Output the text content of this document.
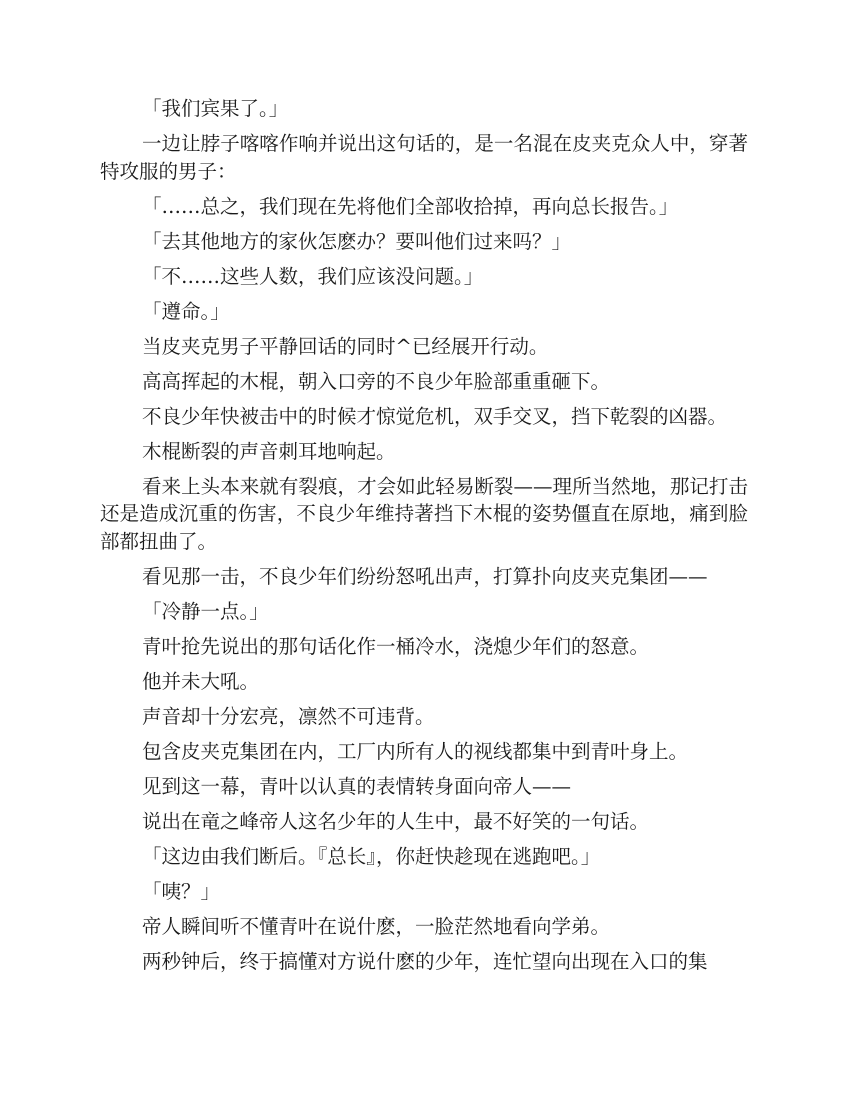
「我们宾果了。」

一边让脖子喀喀作响并说出这句话的，是一名混在皮夹克众人中，穿著特攻服的男子：

「……总之，我们现在先将他们全部收拾掉，再向总长报告。」

「去其他地方的家伙怎麽办？要叫他们过来吗？」

「不……这些人数，我们应该没问题。」

「遵命。」

当皮夹克男子平静回话的同时^已经展开行动。

高高挥起的木棍，朝入口旁的不良少年脸部重重砸下。

不良少年快被击中的时候才惊觉危机，双手交叉，挡下乾裂的凶器。

木棍断裂的声音刺耳地响起。

看来上头本来就有裂痕，才会如此轻易断裂——理所当然地，那记打击还是造成沉重的伤害，不良少年维持著挡下木棍的姿势僵直在原地，痛到脸部都扭曲了。

看见那一击，不良少年们纷纷怒吼出声，打算扑向皮夹克集团——

「冷静一点。」

青叶抢先说出的那句话化作一桶冷水，浇熄少年们的怒意。

他并未大吼。

声音却十分宏亮，凛然不可违背。

包含皮夹克集团在内，工厂内所有人的视线都集中到青叶身上。

见到这一幕，青叶以认真的表情转身面向帝人——

说出在竜之峰帝人这名少年的人生中，最不好笑的一句话。

「这边由我们断后。『总长』，你赶快趁现在逃跑吧。」

「咦？」

帝人瞬间听不懂青叶在说什麽，一脸茫然地看向学弟。

两秒钟后，终于搞懂对方说什麽的少年，连忙望向出现在入口的集
